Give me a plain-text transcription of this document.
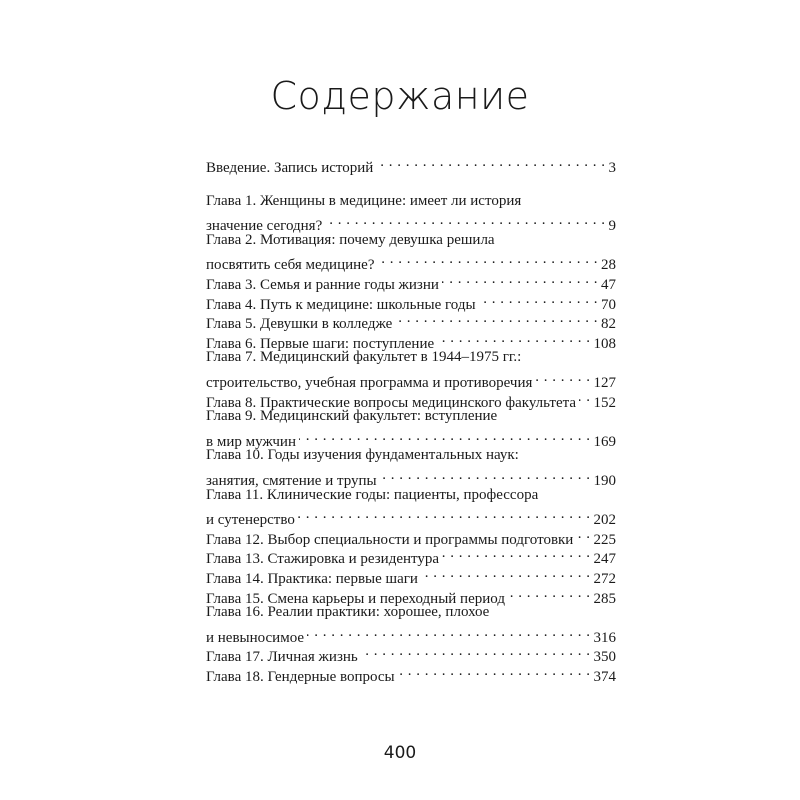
Содержание
Введение. Запись историй . . .	3
Глава 1. Женщины в медицине: имеет ли история
значение сегодня? . . .	9
Глава 2. Мотивация: почему девушка решила
посвятить себя медицине? . . .	28
Глава 3. Семья и ранние годы жизни . . .	47
Глава 4. Путь к медицине: школьные годы . . .	70
Глава 5. Девушки в колледже . . .	82
Глава 6. Первые шаги: поступление . . .	108
Глава 7. Медицинский факультет в 1944–1975 гг.:
строительство, учебная программа и противоречия . . .	127
Глава 8. Практические вопросы медицинского факультета . . . 152
Глава 9. Медицинский факультет: вступление
в мир мужчин . . .	169
Глава 10. Годы изучения фундаментальных наук:
занятия, смятение и трупы . . .	190
Глава 11. Клинические годы: пациенты, профессора
и сутенерство . . .	202
Глава 12. Выбор специальности и программы подготовки . . . 225
Глава 13. Стажировка и резидентура . . .	247
Глава 14. Практика: первые шаги . . .	272
Глава 15. Смена карьеры и переходный период . . .	285
Глава 16. Реалии практики: хорошее, плохое
и невыносимое . . .	316
Глава 17. Личная жизнь . . .	350
Глава 18. Гендерные вопросы . . .	374
400
